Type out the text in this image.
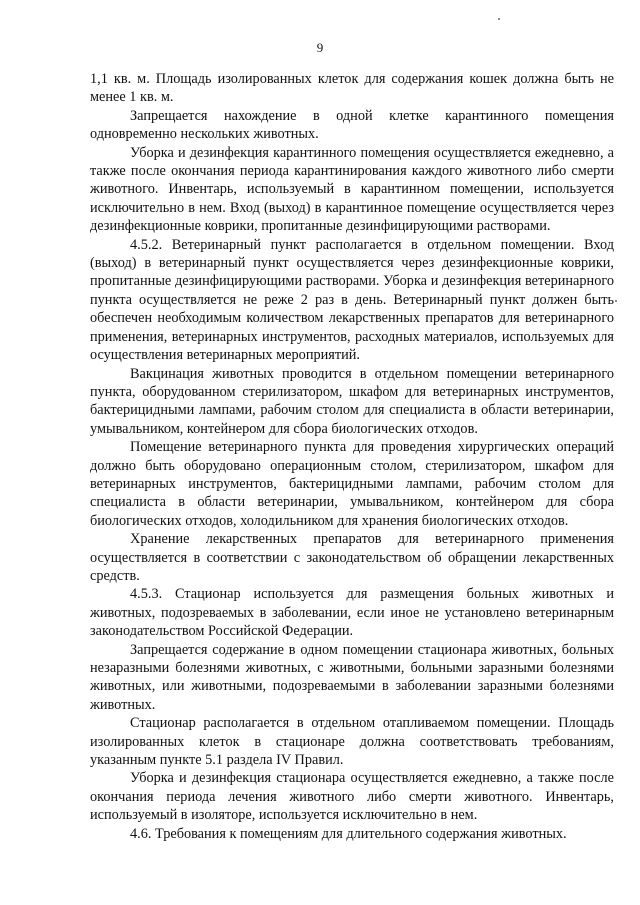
9

1,1 кв. м. Площадь изолированных клеток для содержания кошек должна быть не менее 1 кв. м.

Запрещается нахождение в одной клетке карантинного помещения одновременно нескольких животных.

Уборка и дезинфекция карантинного помещения осуществляется ежедневно, а также после окончания периода карантинирования каждого животного либо смерти животного. Инвентарь, используемый в карантинном помещении, используется исключительно в нем. Вход (выход) в карантинное помещение осуществляется через дезинфекционные коврики, пропитанные дезинфицирующими растворами.

4.5.2. Ветеринарный пункт располагается в отдельном помещении. Вход (выход) в ветеринарный пункт осуществляется через дезинфекционные коврики, пропитанные дезинфицирующими растворами. Уборка и дезинфекция ветеринарного пункта осуществляется не реже 2 раз в день. Ветеринарный пункт должен быть обеспечен необходимым количеством лекарственных препаратов для ветеринарного применения, ветеринарных инструментов, расходных материалов, используемых для осуществления ветеринарных мероприятий.

Вакцинация животных проводится в отдельном помещении ветеринарного пункта, оборудованном стерилизатором, шкафом для ветеринарных инструментов, бактерицидными лампами, рабочим столом для специалиста в области ветеринарии, умывальником, контейнером для сбора биологических отходов.

Помещение ветеринарного пункта для проведения хирургических операций должно быть оборудовано операционным столом, стерилизатором, шкафом для ветеринарных инструментов, бактерицидными лампами, рабочим столом для специалиста в области ветеринарии, умывальником, контейнером для сбора биологических отходов, холодильником для хранения биологических отходов.

Хранение лекарственных препаратов для ветеринарного применения осуществляется в соответствии с законодательством об обращении лекарственных средств.

4.5.3. Стационар используется для размещения больных животных и животных, подозреваемых в заболевании, если иное не установлено ветеринарным законодательством Российской Федерации.

Запрещается содержание в одном помещении стационара животных, больных незаразными болезнями животных, с животными, больными заразными болезнями животных, или животными, подозреваемыми в заболевании заразными болезнями животных.

Стационар располагается в отдельном отапливаемом помещении. Площадь изолированных клеток в стационаре должна соответствовать требованиям, указанным пункте 5.1 раздела IV Правил.

Уборка и дезинфекция стационара осуществляется ежедневно, а также после окончания периода лечения животного либо смерти животного. Инвентарь, используемый в изоляторе, используется исключительно в нем.

4.6. Требования к помещениям для длительного содержания животных.
